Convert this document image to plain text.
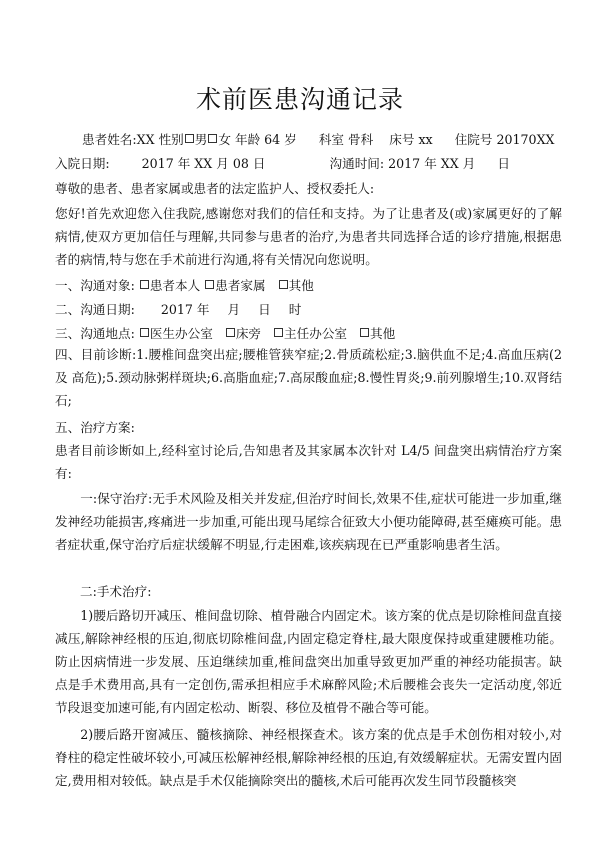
术前医患沟通记录
患者姓名:XX 性别 男 女 年龄 64 岁 科室 骨科 床号 xx 住院号 20170XX
入院日期:	2017 年 XX 月 08 日	沟通时间: 2017 年 XX 月 日
尊敬的患者、患者家属或患者的法定监护人、授权委托人:
您好!首先欢迎您入住我院,感谢您对我们的信任和支持。为了让患者及(或)家属更好的了解病情,使双方更加信任与理解,共同参与患者的治疗,为患者共同选择合适的诊疗措施,根据患者的病情,特与您在手术前进行沟通,将有关情况向您说明。
一、沟通对象: 患者本人 患者家属 其他
二、沟通日期: 2017 年 月 日 时
三、沟通地点: 医生办公室 床旁 主任办公室 其他
四、目前诊断:1.腰椎间盘突出症;腰椎管狭窄症;2.骨质疏松症;3.脑供血不足;4.高血压病(2 及 高危);5.颈动脉粥样斑块;6.高脂血症;7.高尿酸血症;8.慢性胃炎;9.前列腺增生;10.双肾结石;
五、治疗方案:
患者目前诊断如上,经科室讨论后,告知患者及其家属本次针对 L4/5 间盘突出病情治疗方案有:
一:保守治疗:无手术风险及相关并发症,但治疗时间长,效果不佳,症状可能进一步加重,继发神经功能损害,疼痛进一步加重,可能出现马尾综合征致大小便功能障碍,甚至瘫痪可能。患者症状重,保守治疗后症状缓解不明显,行走困难,该疾病现在已严重影响患者生活。
二:手术治疗:
1)腰后路切开减压、椎间盘切除、植骨融合内固定术。该方案的优点是切除椎间盘直接减压,解除神经根的压迫,彻底切除椎间盘,内固定稳定脊柱,最大限度保持或重建腰椎功能。防止因病情进一步发展、压迫继续加重,椎间盘突出加重导致更加严重的神经功能损害。缺点是手术费用高,具有一定创伤,需承担相应手术麻醉风险;术后腰椎会丧失一定活动度,邻近节段退变加速可能,有内固定松动、断裂、移位及植骨不融合等可能。
2)腰后路开窗减压、髓核摘除、神经根探查术。该方案的优点是手术创伤相对较小,对脊柱的稳定性破坏较小,可减压松解神经根,解除神经根的压迫,有效缓解症状。无需安置内固定,费用相对较低。缺点是手术仅能摘除突出的髓核,术后可能再次发生同节段髓核突
